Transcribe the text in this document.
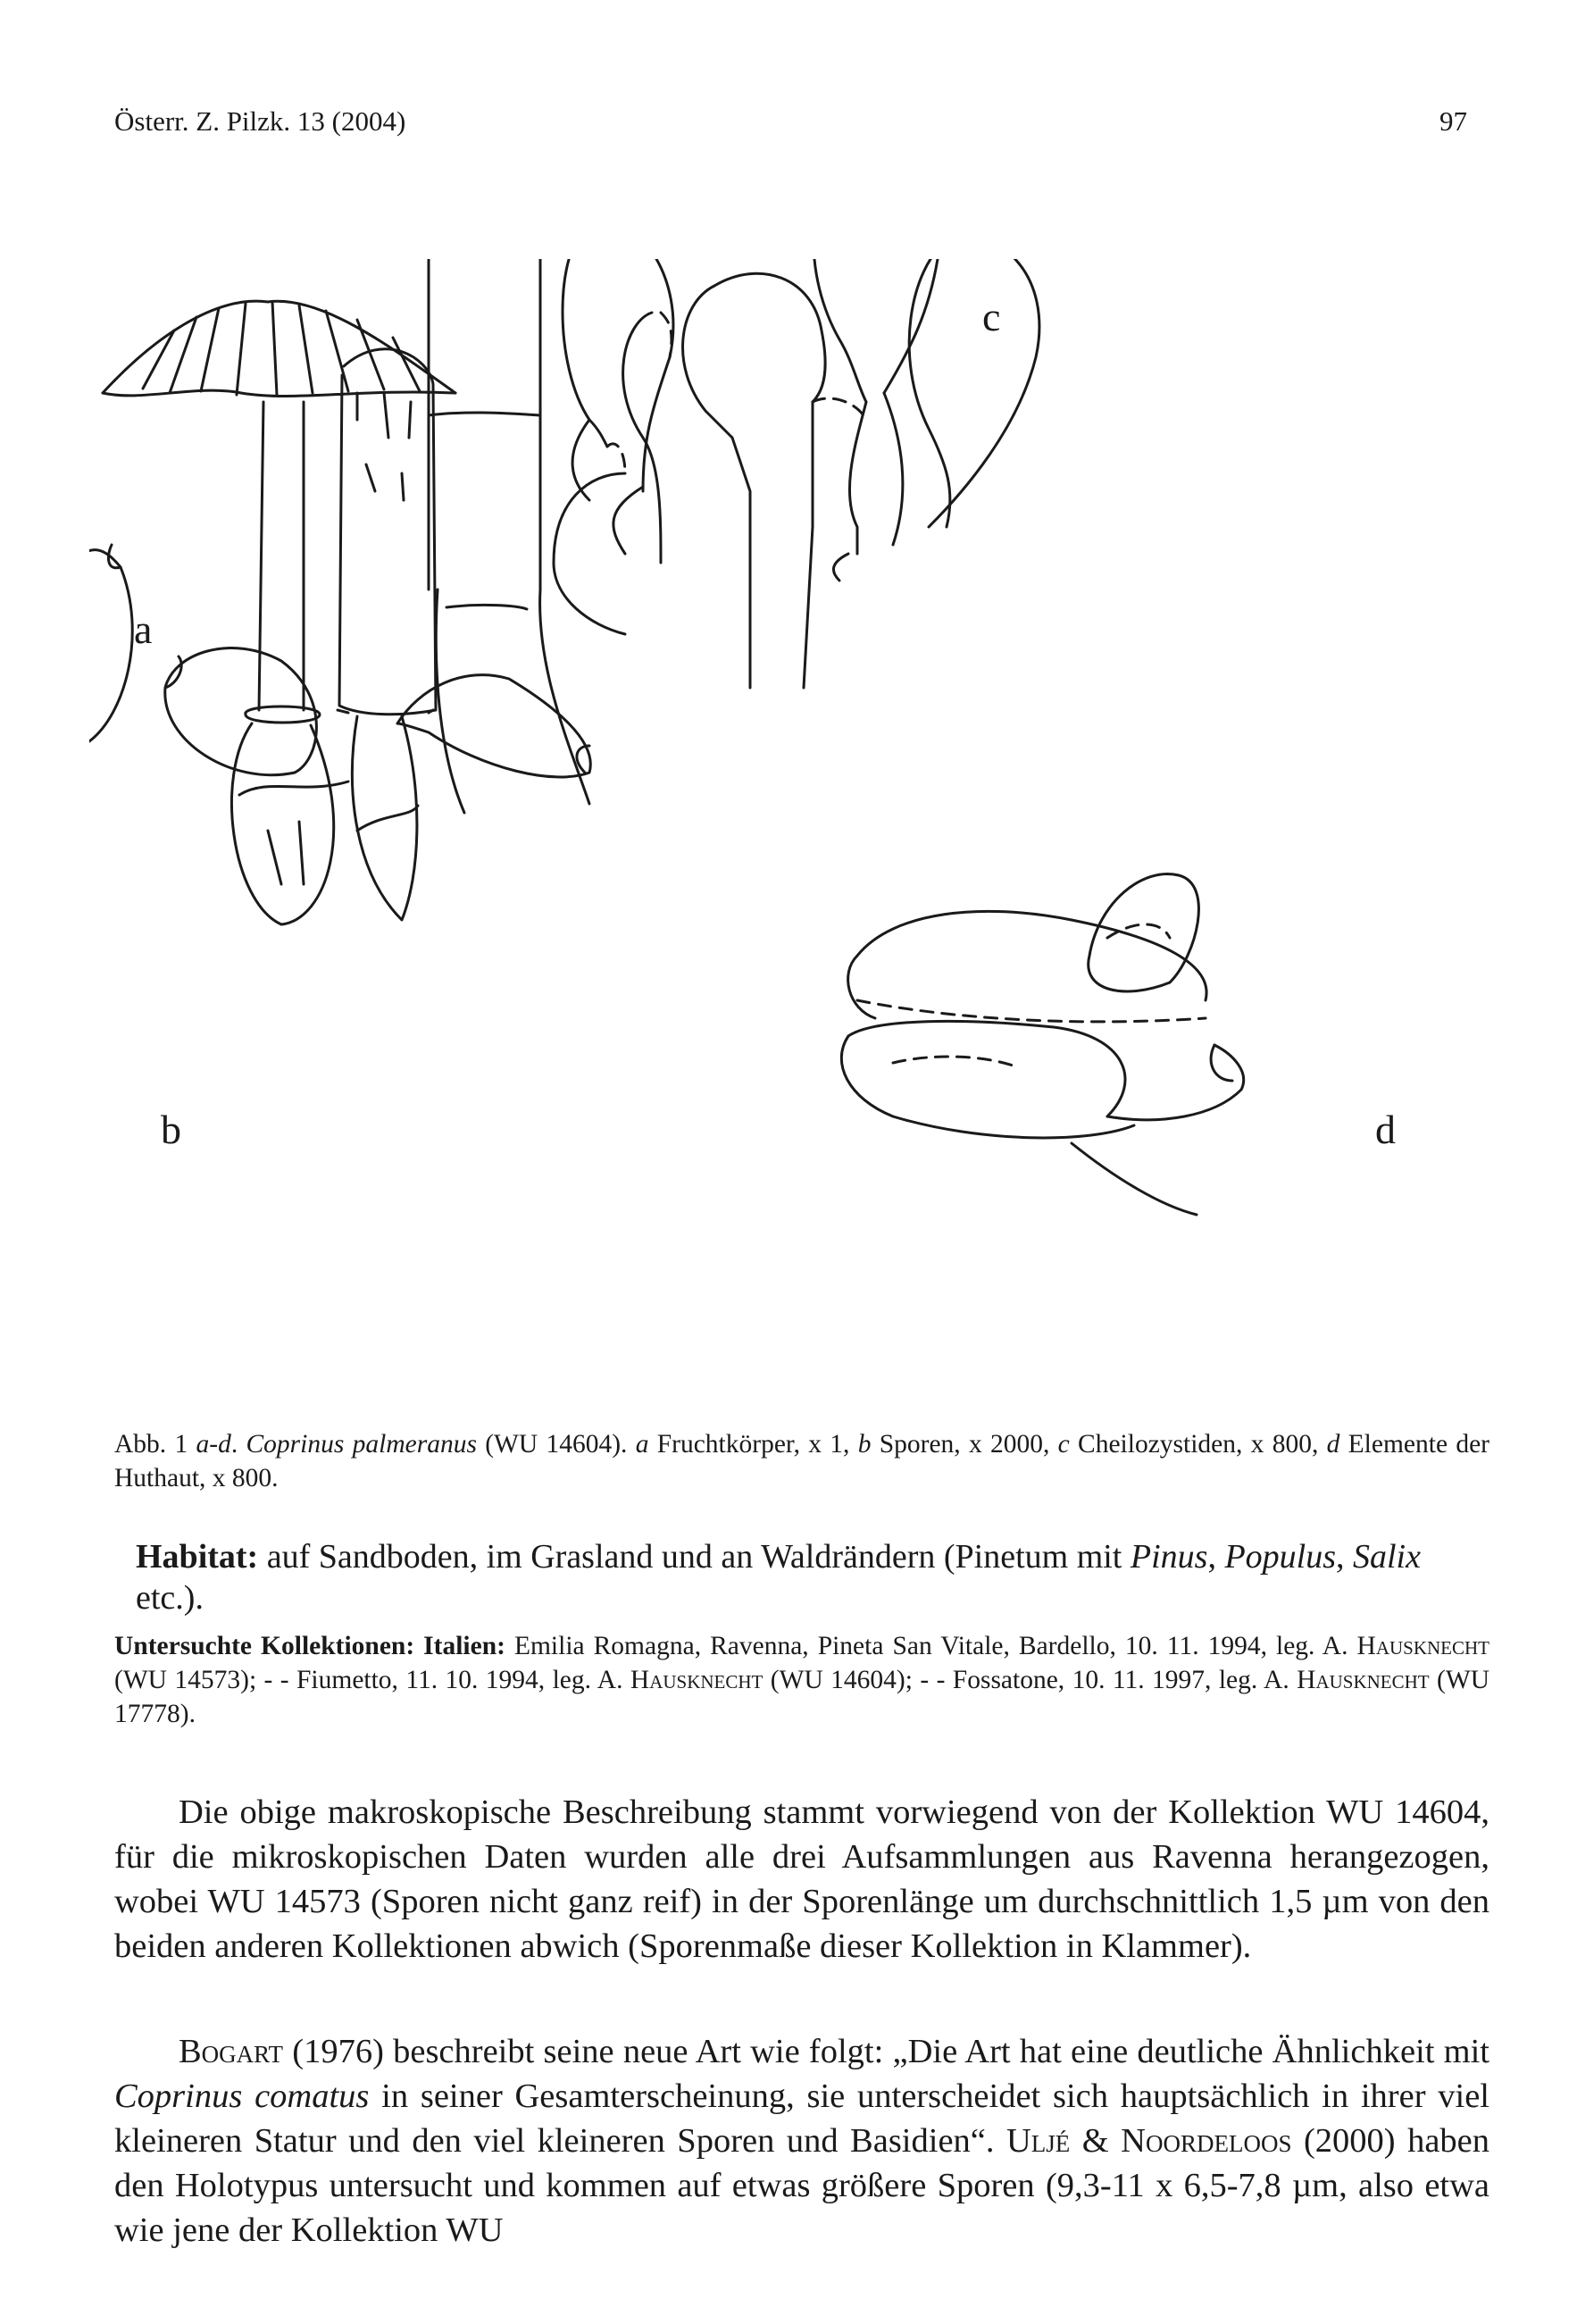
Österr. Z. Pilzk. 13 (2004)	97
a
b
c
d
Abb. 1 a-d. Coprinus palmeranus (WU 14604). a Fruchtkörper, x 1, b Sporen, x 2000, c Cheilozystiden, x 800, d Elemente der Huthaut, x 800.
Habitat: auf Sandboden, im Grasland und an Waldrändern (Pinetum mit Pinus, Populus, Salix etc.).
Untersuchte Kollektionen: Italien: Emilia Romagna, Ravenna, Pineta San Vitale, Bardello, 10. 11. 1994, leg. A. Hausknecht (WU 14573); - - Fiumetto, 11. 10. 1994, leg. A. Hausknecht (WU 14604); - - Fossatone, 10. 11. 1997, leg. A. Hausknecht (WU 17778).
Die obige makroskopische Beschreibung stammt vorwiegend von der Kollektion WU 14604, für die mikroskopischen Daten wurden alle drei Aufsammlungen aus Ravenna herangezogen, wobei WU 14573 (Sporen nicht ganz reif) in der Sporenlänge um durchschnittlich 1,5 µm von den beiden anderen Kollektionen abwich (Sporenmaße dieser Kollektion in Klammer).
Bogart (1976) beschreibt seine neue Art wie folgt: „Die Art hat eine deutliche Ähnlichkeit mit Coprinus comatus in seiner Gesamterscheinung, sie unterscheidet sich hauptsächlich in ihrer viel kleineren Statur und den viel kleineren Sporen und Basidien“. Uljé & Noordeloos (2000) haben den Holotypus untersucht und kommen auf etwas größere Sporen (9,3-11 x 6,5-7,8 µm, also etwa wie jene der Kollektion WU
